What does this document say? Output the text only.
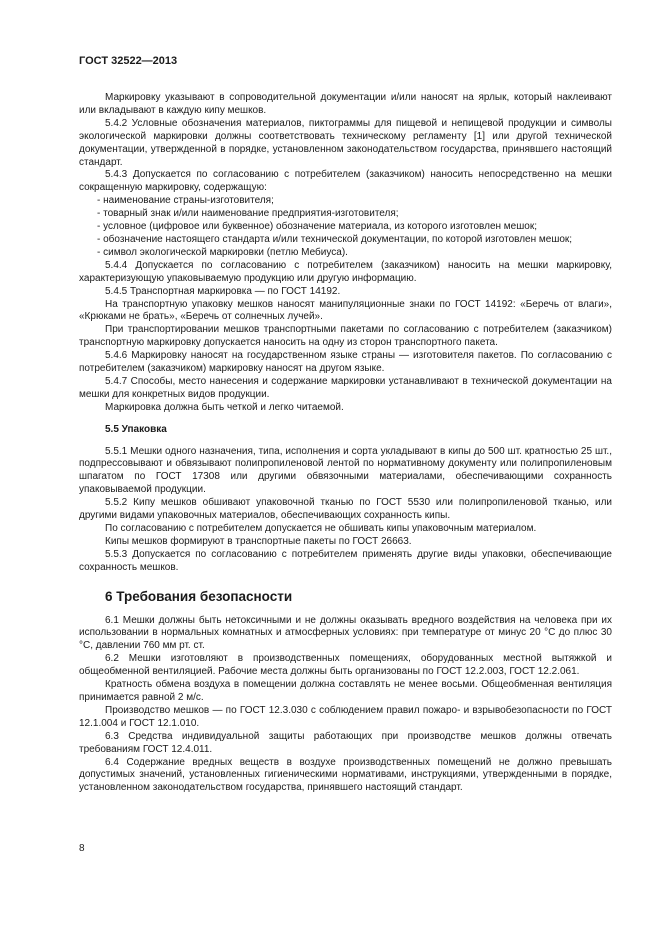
ГОСТ 32522—2013

Маркировку указывают в сопроводительной документации и/или наносят на ярлык, который наклеивают или вкладывают в каждую кипу мешков.

5.4.2 Условные обозначения материалов, пиктограммы для пищевой и непищевой продукции и символы экологической маркировки должны соответствовать техническому регламенту [1] или другой технической документации, утвержденной в порядке, установленном законодательством государства, принявшего настоящий стандарт.

5.4.3 Допускается по согласованию с потребителем (заказчиком) наносить непосредственно на мешки сокращенную маркировку, содержащую:

- наименование страны-изготовителя;

- товарный знак и/или наименование предприятия-изготовителя;

- условное (цифровое или буквенное) обозначение материала, из которого изготовлен мешок;

- обозначение настоящего стандарта и/или технической документации, по которой изготовлен мешок;

- символ экологической маркировки (петлю Мебиуса).

5.4.4 Допускается по согласованию с потребителем (заказчиком) наносить на мешки маркировку, характеризующую упаковываемую продукцию или другую информацию.

5.4.5 Транспортная маркировка — по ГОСТ 14192.

На транспортную упаковку мешков наносят манипуляционные знаки по ГОСТ 14192: «Беречь от влаги», «Крюками не брать», «Беречь от солнечных лучей».

При транспортировании мешков транспортными пакетами по согласованию с потребителем (заказчиком) транспортную маркировку допускается наносить на одну из сторон транспортного пакета.

5.4.6 Маркировку наносят на государственном языке страны — изготовителя пакетов. По согласованию с потребителем (заказчиком) маркировку наносят на другом языке.

5.4.7 Способы, место нанесения и содержание маркировки устанавливают в технической документации на мешки для конкретных видов продукции.

Маркировка должна быть четкой и легко читаемой.

5.5 Упаковка

5.5.1 Мешки одного назначения, типа, исполнения и сорта укладывают в кипы до 500 шт. кратностью 25 шт., подпрессовывают и обвязывают полипропиленовой лентой по нормативному документу или полипропиленовым шпагатом по ГОСТ 17308 или другими обвязочными материалами, обеспечивающими сохранность упаковываемой продукции.

5.5.2 Кипу мешков обшивают упаковочной тканью по ГОСТ 5530 или полипропиленовой тканью, или другими видами упаковочных материалов, обеспечивающих сохранность кипы.

По согласованию с потребителем допускается не обшивать кипы упаковочным материалом.

Кипы мешков формируют в транспортные пакеты по ГОСТ 26663.

5.5.3 Допускается по согласованию с потребителем применять другие виды упаковки, обеспечивающие сохранность мешков.

6 Требования безопасности

6.1 Мешки должны быть нетоксичными и не должны оказывать вредного воздействия на человека при их использовании в нормальных комнатных и атмосферных условиях: при температуре от минус 20 °С до плюс 30 °С, давлении 760 мм рт. ст.

6.2 Мешки изготовляют в производственных помещениях, оборудованных местной вытяжкой и общеобменной вентиляцией. Рабочие места должны быть организованы по ГОСТ 12.2.003, ГОСТ 12.2.061.

Кратность обмена воздуха в помещении должна составлять не менее восьми. Общеобменная вентиляция принимается равной 2 м/с.

Производство мешков — по ГОСТ 12.3.030 с соблюдением правил пожаро- и взрывобезопасности по ГОСТ 12.1.004 и ГОСТ 12.1.010.

6.3 Средства индивидуальной защиты работающих при производстве мешков должны отвечать требованиям ГОСТ 12.4.011.

6.4 Содержание вредных веществ в воздухе производственных помещений не должно превышать допустимых значений, установленных гигиеническими нормативами, инструкциями, утвержденными в порядке, установленном законодательством государства, принявшего настоящий стандарт.

8
